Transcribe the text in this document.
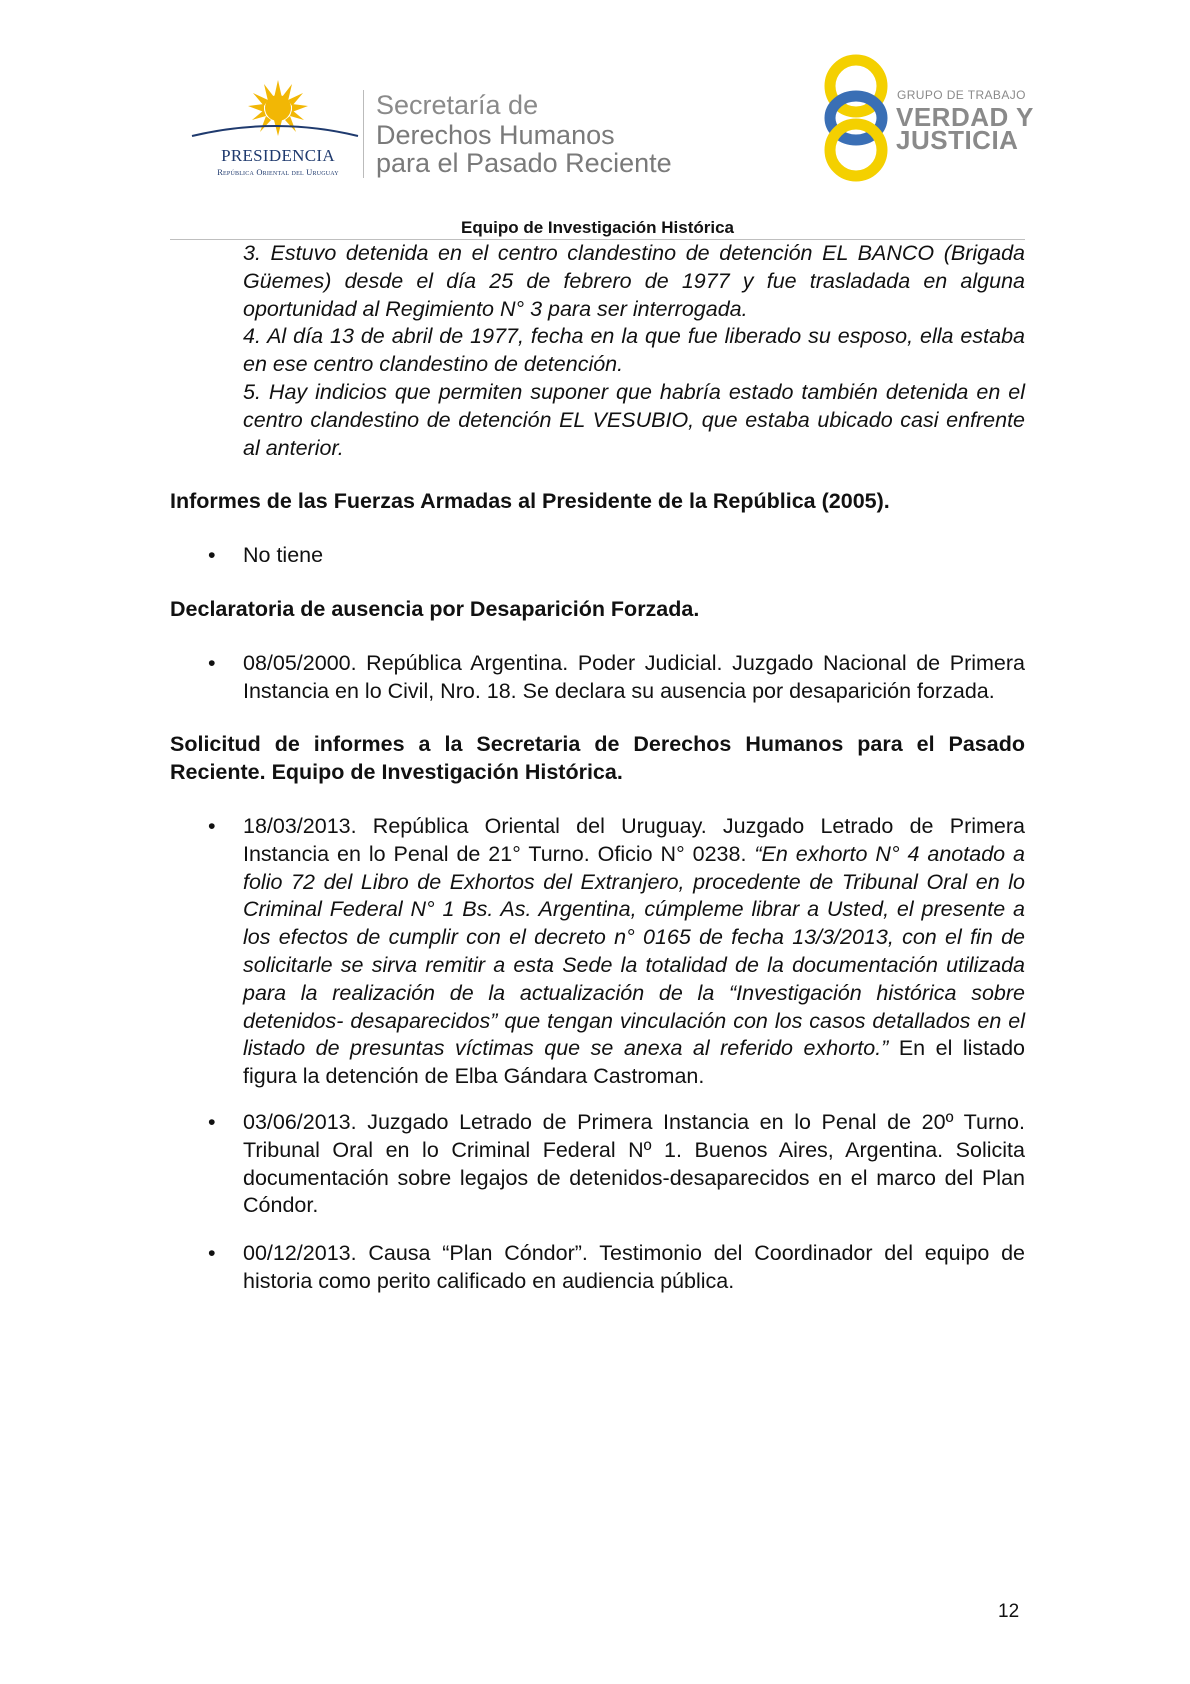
PRESIDENCIA
República Oriental del Uruguay
Secretaría de
Derechos Humanos
para el Pasado Reciente
GRUPO DE TRABAJO
VERDAD Y
JUSTICIA
Equipo de Investigación Histórica

3. Estuvo detenida en el centro clandestino de detención EL BANCO (Brigada Güemes) desde el día 25 de febrero de 1977 y fue trasladada en alguna oportunidad al Regimiento N° 3 para ser interrogada.

4. Al día 13 de abril de 1977, fecha en la que fue liberado su esposo, ella estaba en ese centro clandestino de detención.

5. Hay indicios que permiten suponer que habría estado también detenida en el centro clandestino de detención EL VESUBIO, que estaba ubicado casi enfrente al anterior.

Informes de las Fuerzas Armadas al Presidente de la República (2005).

• No tiene

Declaratoria de ausencia por Desaparición Forzada.

• 08/05/2000. República Argentina. Poder Judicial. Juzgado Nacional de Primera Instancia en lo Civil, Nro. 18. Se declara su ausencia por desaparición forzada.

Solicitud de informes a la Secretaria de Derechos Humanos para el Pasado Reciente. Equipo de Investigación Histórica.

• 18/03/2013. República Oriental del Uruguay. Juzgado Letrado de Primera Instancia en lo Penal de 21° Turno. Oficio N° 0238. “En exhorto N° 4 anotado a folio 72 del Libro de Exhortos del Extranjero, procedente de Tribunal Oral en lo Criminal Federal N° 1 Bs. As. Argentina, cúmpleme librar a Usted, el presente a los efectos de cumplir con el decreto n° 0165 de fecha 13/3/2013, con el fin de solicitarle se sirva remitir a esta Sede la totalidad de la documentación utilizada para la realización de la actualización de la “Investigación histórica sobre detenidos- desaparecidos” que tengan vinculación con los casos detallados en el listado de presuntas víctimas que se anexa al referido exhorto.” En el listado figura la detención de Elba Gándara Castroman.
• 03/06/2013. Juzgado Letrado de Primera Instancia en lo Penal de 20º Turno. Tribunal Oral en lo Criminal Federal Nº 1. Buenos Aires, Argentina. Solicita documentación sobre legajos de detenidos-desaparecidos en el marco del Plan Cóndor.
• 00/12/2013. Causa “Plan Cóndor”. Testimonio del Coordinador del equipo de historia como perito calificado en audiencia pública.
12
